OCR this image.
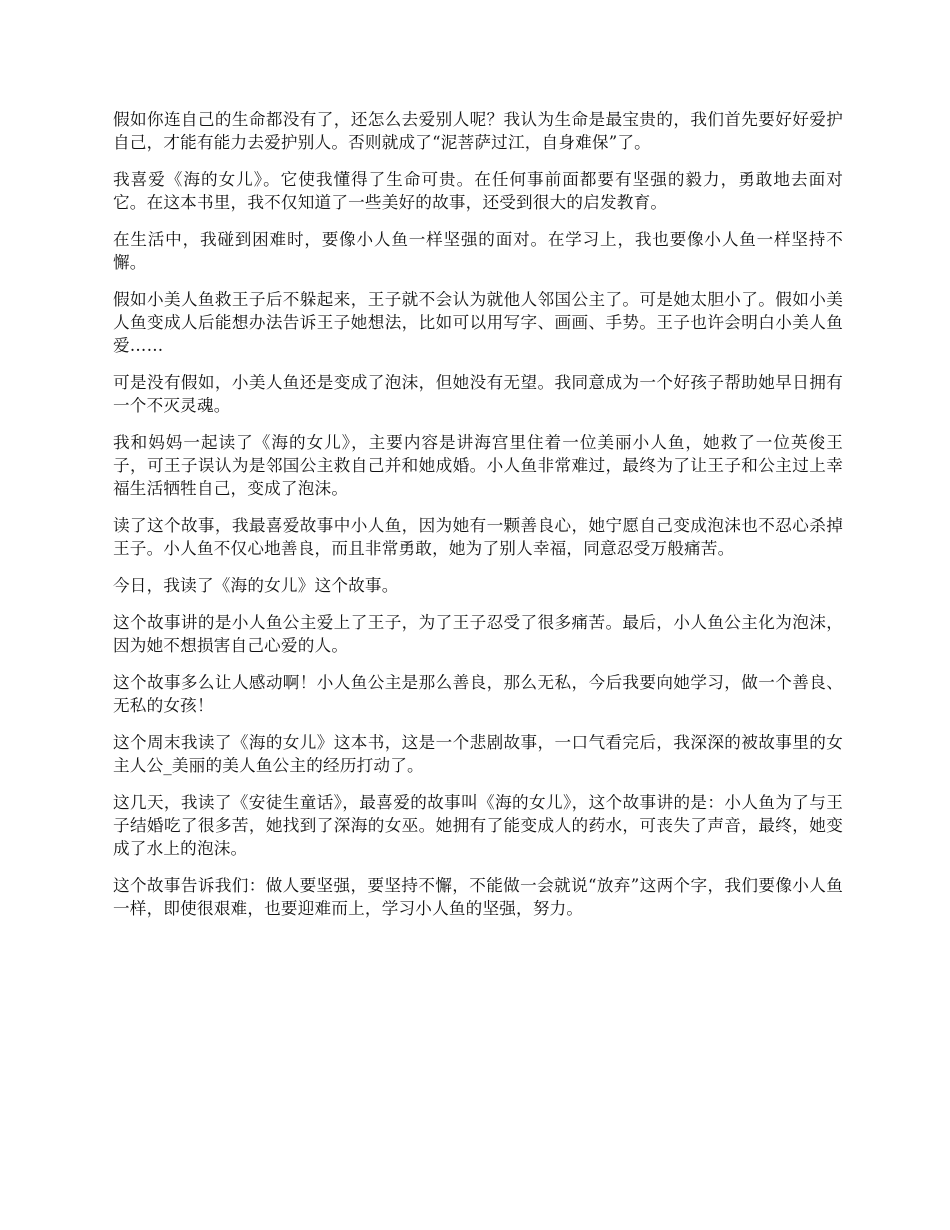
假如你连自己的生命都没有了，还怎么去爱别人呢？我认为生命是最宝贵的，我们首先要好好爱护自己，才能有能力去爱护别人。否则就成了“泥菩萨过江，自身难保”了。

我喜爱《海的女儿》。它使我懂得了生命可贵。在任何事前面都要有坚强的毅力，勇敢地去面对它。在这本书里，我不仅知道了一些美好的故事，还受到很大的启发教育。

在生活中，我碰到困难时，要像小人鱼一样坚强的面对。在学习上，我也要像小人鱼一样坚持不懈。

假如小美人鱼救王子后不躲起来，王子就不会认为就他人邻国公主了。可是她太胆小了。假如小美人鱼变成人后能想办法告诉王子她想法，比如可以用写字、画画、手势。王子也许会明白小美人鱼爱……

可是没有假如，小美人鱼还是变成了泡沫，但她没有无望。我同意成为一个好孩子帮助她早日拥有一个不灭灵魂。

我和妈妈一起读了《海的女儿》，主要内容是讲海宫里住着一位美丽小人鱼，她救了一位英俊王子，可王子误认为是邻国公主救自己并和她成婚。小人鱼非常难过，最终为了让王子和公主过上幸福生活牺牲自己，变成了泡沫。

读了这个故事，我最喜爱故事中小人鱼，因为她有一颗善良心，她宁愿自己变成泡沫也不忍心杀掉王子。小人鱼不仅心地善良，而且非常勇敢，她为了别人幸福，同意忍受万般痛苦。

今日，我读了《海的女儿》这个故事。

这个故事讲的是小人鱼公主爱上了王子，为了王子忍受了很多痛苦。最后，小人鱼公主化为泡沫，因为她不想损害自己心爱的人。

这个故事多么让人感动啊！小人鱼公主是那么善良，那么无私，今后我要向她学习，做一个善良、无私的女孩！

这个周末我读了《海的女儿》这本书，这是一个悲剧故事，一口气看完后，我深深的被故事里的女主人公_美丽的美人鱼公主的经历打动了。

这几天，我读了《安徒生童话》，最喜爱的故事叫《海的女儿》，这个故事讲的是：小人鱼为了与王子结婚吃了很多苦，她找到了深海的女巫。她拥有了能变成人的药水，可丧失了声音，最终，她变成了水上的泡沫。

这个故事告诉我们：做人要坚强，要坚持不懈，不能做一会就说“放弃”这两个字，我们要像小人鱼一样，即使很艰难，也要迎难而上，学习小人鱼的坚强，努力。
